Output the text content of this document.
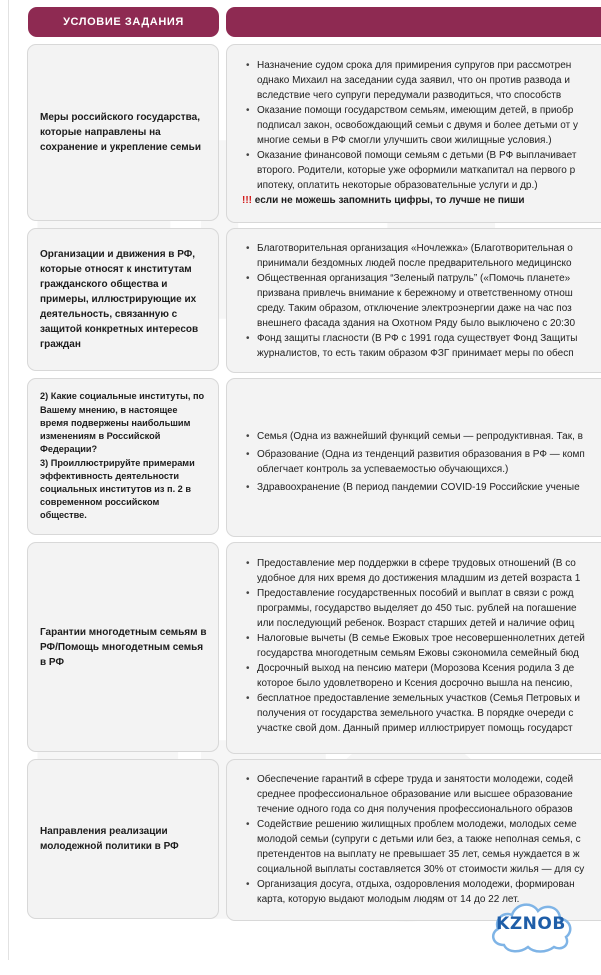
УСЛОВИЕ ЗАДАНИЯ
Меры российского государства, которые направлены на сохранение и укрепление семьи
• Назначение судом срока для примирения супругов при рассмотрен
однако Михаил на заседании суда заявил, что он против развода и
вследствие чего супруги передумали разводиться, что способств
• Оказание помощи государством семьям, имеющим детей, в приобр
подписал закон, освобождающий семьи с двумя и более детьми от у
многие семьи в РФ смогли улучшить свои жилищные условия.)
• Оказание финансовой помощи семьям с детьми (В РФ выплачивает
второго. Родители, которые уже оформили маткапитал на первого р
ипотеку, оплатить некоторые образовательные услуги и др.)
!!! если не можешь запомнить цифры, то лучше не пиши
Организации и движения в РФ, которые относят к институтам гражданского общества и примеры, иллюстрирующие их деятельность, связанную с защитой конкретных интересов граждан
• Благотворительная организация «Ночлежка» (Благотворительная о
принимали бездомных людей после предварительного медицинско
• Общественная организация “Зеленый патруль” («Помочь планете»
призвана привлечь внимание к бережному и ответственному отнош
среду. Таким образом, отключение электроэнергии даже на час поз
внешнего фасада здания на Охотном Ряду было выключено с 20:30
• Фонд защиты гласности (В РФ с 1991 года существует Фонд Защиты
журналистов, то есть таким образом ФЗГ принимает меры по обесп
2) Какие социальные институты, по
Вашему мнению, в настоящее
время подвержены наибольшим
изменениям в Российской
Федерации?
3) Проиллюстрируйте примерами
эффективность деятельности
социальных институтов из п. 2 в
современном российском
обществе.
• Семья (Одна из важнейший функций семьи — репродуктивная. Так, в
• Образование (Одна из тенденций развития образования в РФ — комп
облегчает контроль за успеваемостью обучающихся.)
• Здравоохранение (В период пандемии COVID-19 Российские ученые
Гарантии многодетным семьям в РФ/Помощь многодетным семья в РФ
• Предоставление мер поддержки в сфере трудовых отношений (В со
удобное для них время до достижения младшим из детей возраста 1
• Предоставление государственных пособий и выплат в связи с рожд
программы, государство выделяет до 450 тыс. рублей на погашение
или последующий ребенок. Возраст старших детей и наличие офиц
• Налоговые вычеты (В семье Ежовых трое несовершеннолетних детей
государства многодетным семьям Ежовы сэкономила семейный бюд
• Досрочный выход на пенсию матери (Морозова Ксения родила 3 де
которое было удовлетворено и Ксения досрочно вышла на пенсию,
• бесплатное предоставление земельных участков (Семья Петровых и
получения от государства земельного участка. В порядке очереди с
участке свой дом. Данный пример иллюстрирует помощь государст
Направления реализации молодежной политики в РФ
• Обеспечение гарантий в сфере труда и занятости молодежи, содей
среднее профессиональное образование или высшее образование
течение одного года со дня получения профессионального образов
• Содействие решению жилищных проблем молодежи, молодых семе
молодой семьи (супруги с детьми или без, а также неполная семья, с
претендентов на выплату не превышает 35 лет, семья нуждается в ж
социальной выплаты составляется 30% от стоимости жилья — для су
• Организация досуга, отдыха, оздоровления молодежи, формирован
карта, которую выдают молодым людям от 14 до 22 лет.
KZNOB
